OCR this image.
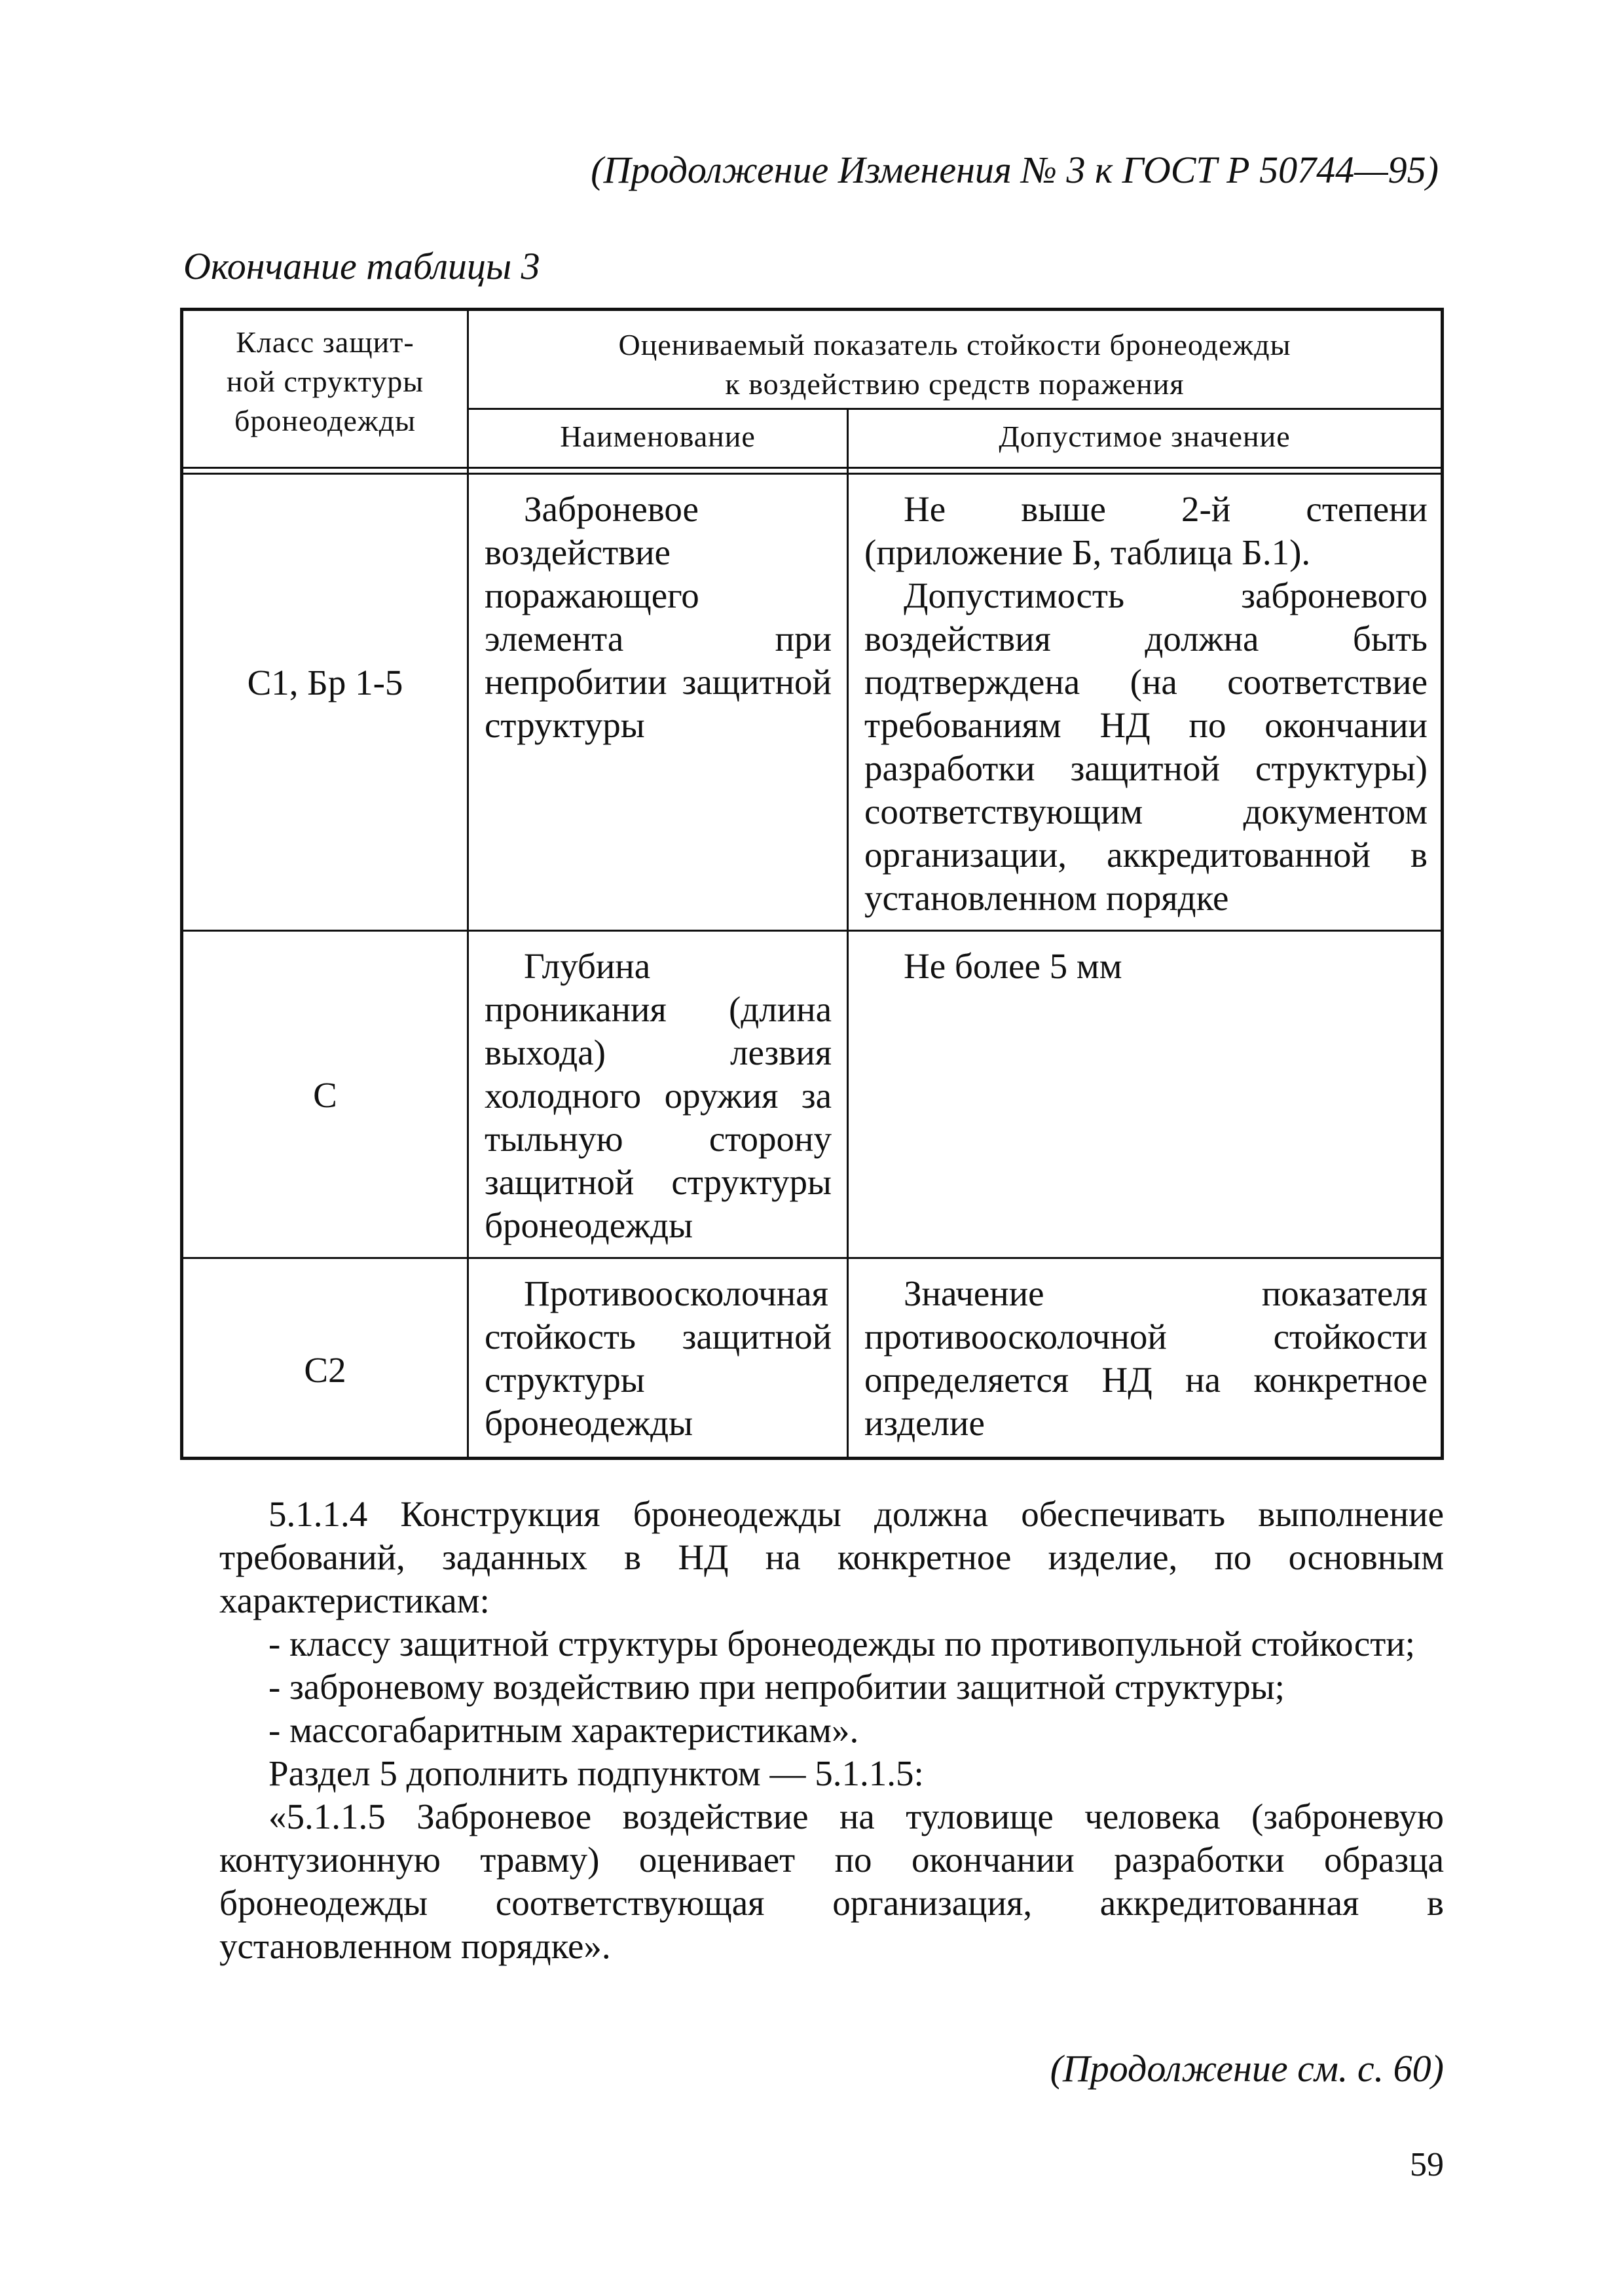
(Продолжение Изменения № 3 к ГОСТ Р 50744—95)
Окончание таблицы 3
Класс защит-
ной структуры
бронеодежды
Оцениваемый показатель стойкости бронеодежды
к воздействию средств поражения
Наименование	Допустимое значение
С1, Бр 1-5
Заброневое воздействие поражающего элемента при непробитии защитной структуры
Не выше 2-й степени (приложение Б, таблица Б.1).
Допустимость заброневого воздействия должна быть подтверждена (на соответствие требованиям НД по окончании разработки защитной структуры) соответствующим документом организации, аккредитованной в установленном порядке
С
Глубина проникания (длина выхода) лезвия холодного оружия за тыльную сторону защитной структуры бронеодежды
Не более 5 мм
С2
Противоосколочная стойкость защитной структуры бронеодежды
Значение показателя противоосколочной стойкости определяется НД на конкретное изделие

5.1.1.4 Конструкция бронеодежды должна обеспечивать выполнение требований, заданных в НД на конкретное изделие, по основным характеристикам:

- классу защитной структуры бронеодежды по противопульной стойкости;

- заброневому воздействию при непробитии защитной структуры;

- массогабаритным характеристикам».

Раздел 5 дополнить подпунктом — 5.1.1.5:

«5.1.1.5 Заброневое воздействие на туловище человека (заброневую контузионную травму) оценивает по окончании разработки образца бронеодежды соответствующая организация, аккредитованная в установленном порядке».

(Продолжение см. с. 60)
59
